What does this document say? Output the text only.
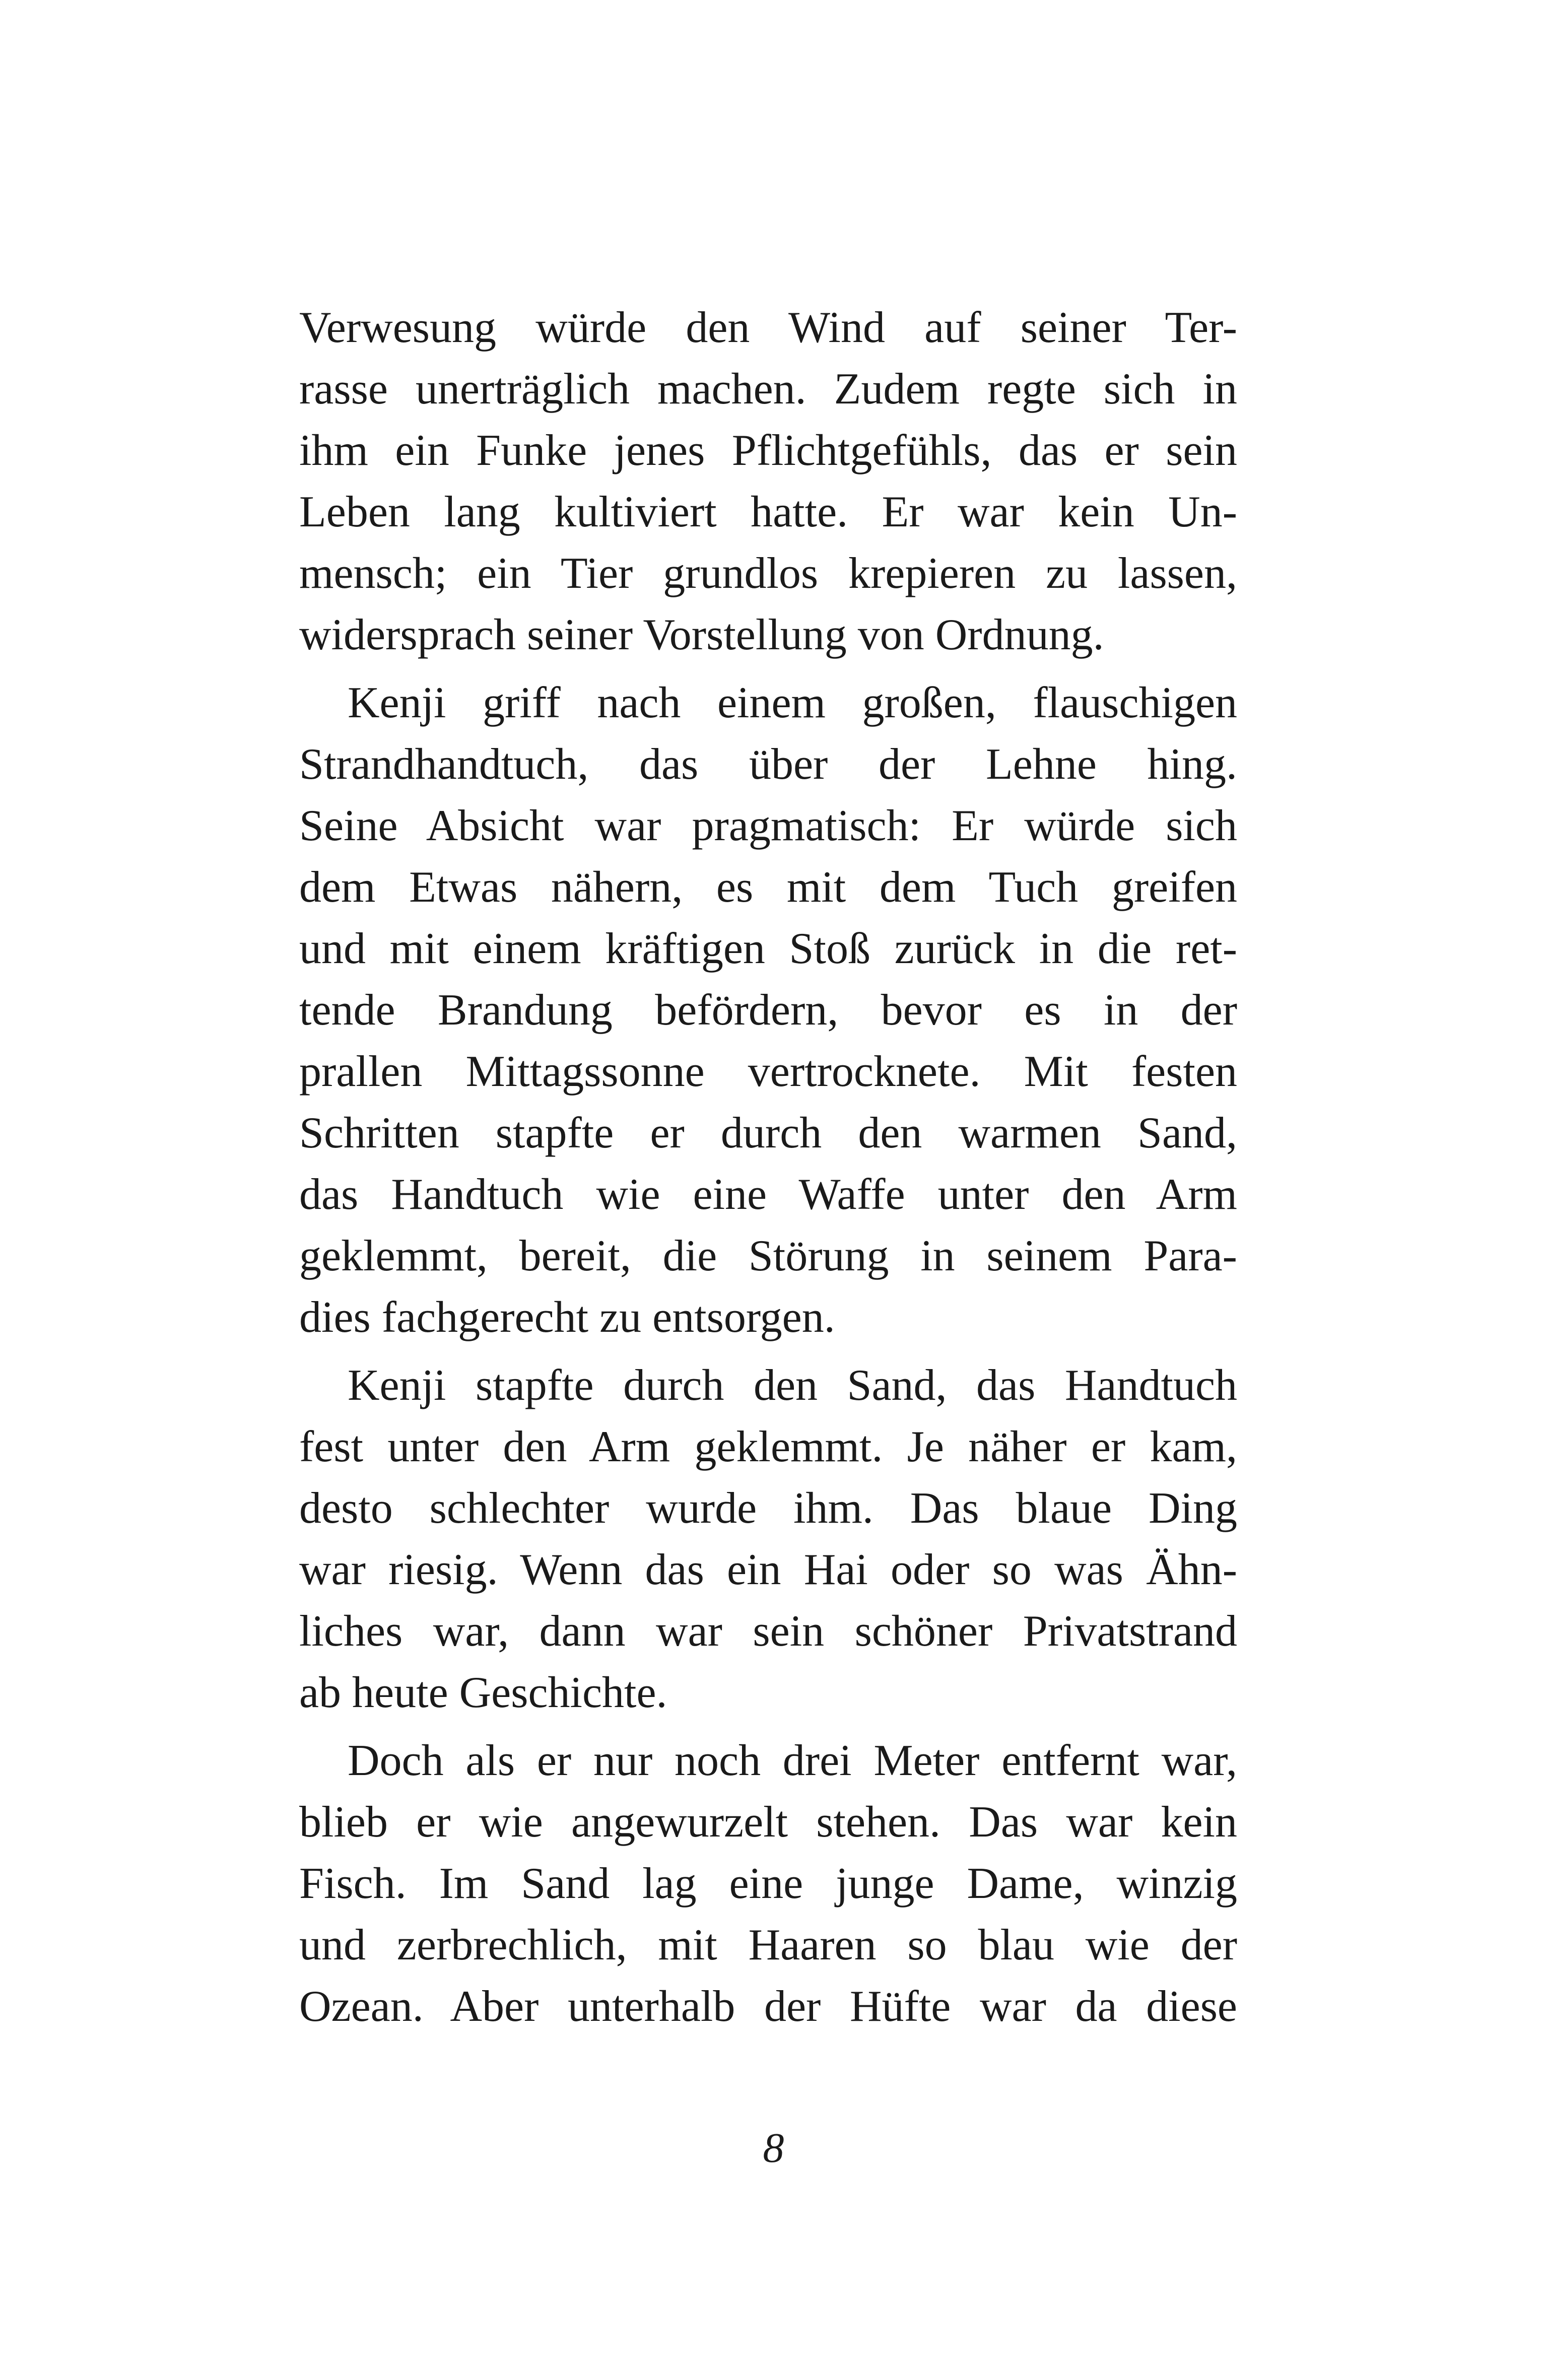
Verwesung würde den Wind auf seiner Ter-
rasse unerträglich machen. Zudem regte sich in
ihm ein Funke jenes Pflichtgefühls, das er sein
Leben lang kultiviert hatte. Er war kein Un-
mensch; ein Tier grundlos krepieren zu lassen,
widersprach seiner Vorstellung von Ordnung.
Kenji griff nach einem großen, flauschigen
Strandhandtuch, das über der Lehne hing.
Seine Absicht war pragmatisch: Er würde sich
dem Etwas nähern, es mit dem Tuch greifen
und mit einem kräftigen Stoß zurück in die ret-
tende Brandung befördern, bevor es in der
prallen Mittagssonne vertrocknete. Mit festen
Schritten stapfte er durch den warmen Sand,
das Handtuch wie eine Waffe unter den Arm
geklemmt, bereit, die Störung in seinem Para-
dies fachgerecht zu entsorgen.
Kenji stapfte durch den Sand, das Handtuch
fest unter den Arm geklemmt. Je näher er kam,
desto schlechter wurde ihm. Das blaue Ding
war riesig. Wenn das ein Hai oder so was Ähn-
liches war, dann war sein schöner Privatstrand
ab heute Geschichte.
Doch als er nur noch drei Meter entfernt war,
blieb er wie angewurzelt stehen. Das war kein
Fisch. Im Sand lag eine junge Dame, winzig
und zerbrechlich, mit Haaren so blau wie der
Ozean. Aber unterhalb der Hüfte war da diese
8
